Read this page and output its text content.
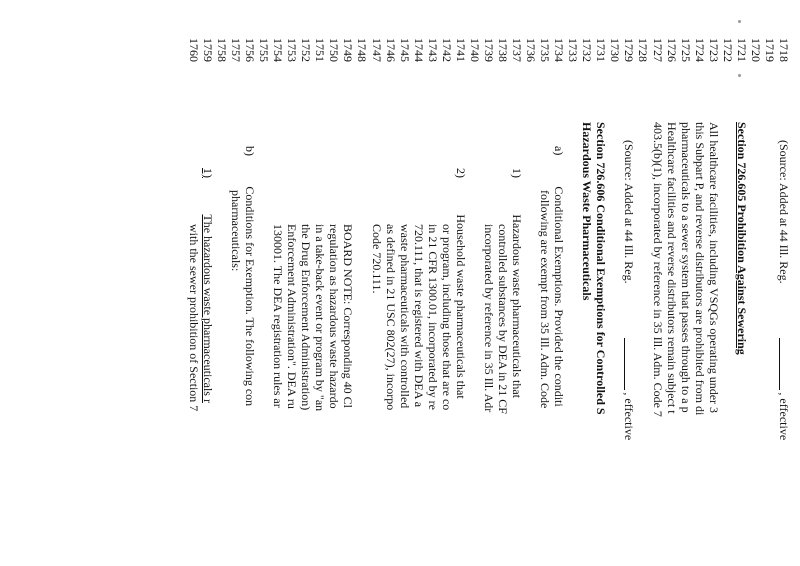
1718
(Source: Added at 44 Ill. Reg.
, effective
1719
1720
1721
Section 726.605 Prohibition Against Sewering
1722
1723
All healthcare facilities, including VSQGs operating under 3
1724
this Subpart P, and reverse distributors are prohibited from di
1725
pharmaceuticals to a sewer system that passes through to a p
1726
Healthcare facilities and reverse distributors remain subject t
1727
403.5(b)(1), incorporated by reference in 35 Ill. Adm. Code 7
1728
1729
(Source: Added at 44 Ill. Reg.
, effective
1730
1731
Section 726.606 Conditional Exemptions for Controlled S
1732
Hazardous Waste Pharmaceuticals
1733
1734
a)
Conditional Exemptions. Provided the conditi
1735
following are exempt from 35 Ill. Adm. Code
1736
1737
1)
Hazardous waste pharmaceuticals that
1738
controlled substances by DEA in 21 CF
1739
incorporated by reference in 35 Ill. Adr
1740
1741
2)
Household waste pharmaceuticals that
1742
or program, including those that are co
1743
in 21 CFR 1300.01, incorporated by re
1744
720.111, that is registered with DEA a
1745
waste pharmaceuticals with controlled
1746
as defined in 21 USC 802(27), incorpo
1747
Code 720.111.
1748
1749
BOARD NOTE: Corresponding 40 Cl
1750
regulation as hazardous waste hazardo
1751
in a take-back event or program by "an
1752
the Drug Enforcement Administration)
1753
Enforcement Administration". DEA ru
1754
130001. The DEA registration rules ar
1755
1756
b)
Conditions for Exemption. The following con
1757
pharmaceuticals:
1758
1759
1)
The hazardous waste pharmaceuticals r
1760
with the sewer prohibition of Section 7
